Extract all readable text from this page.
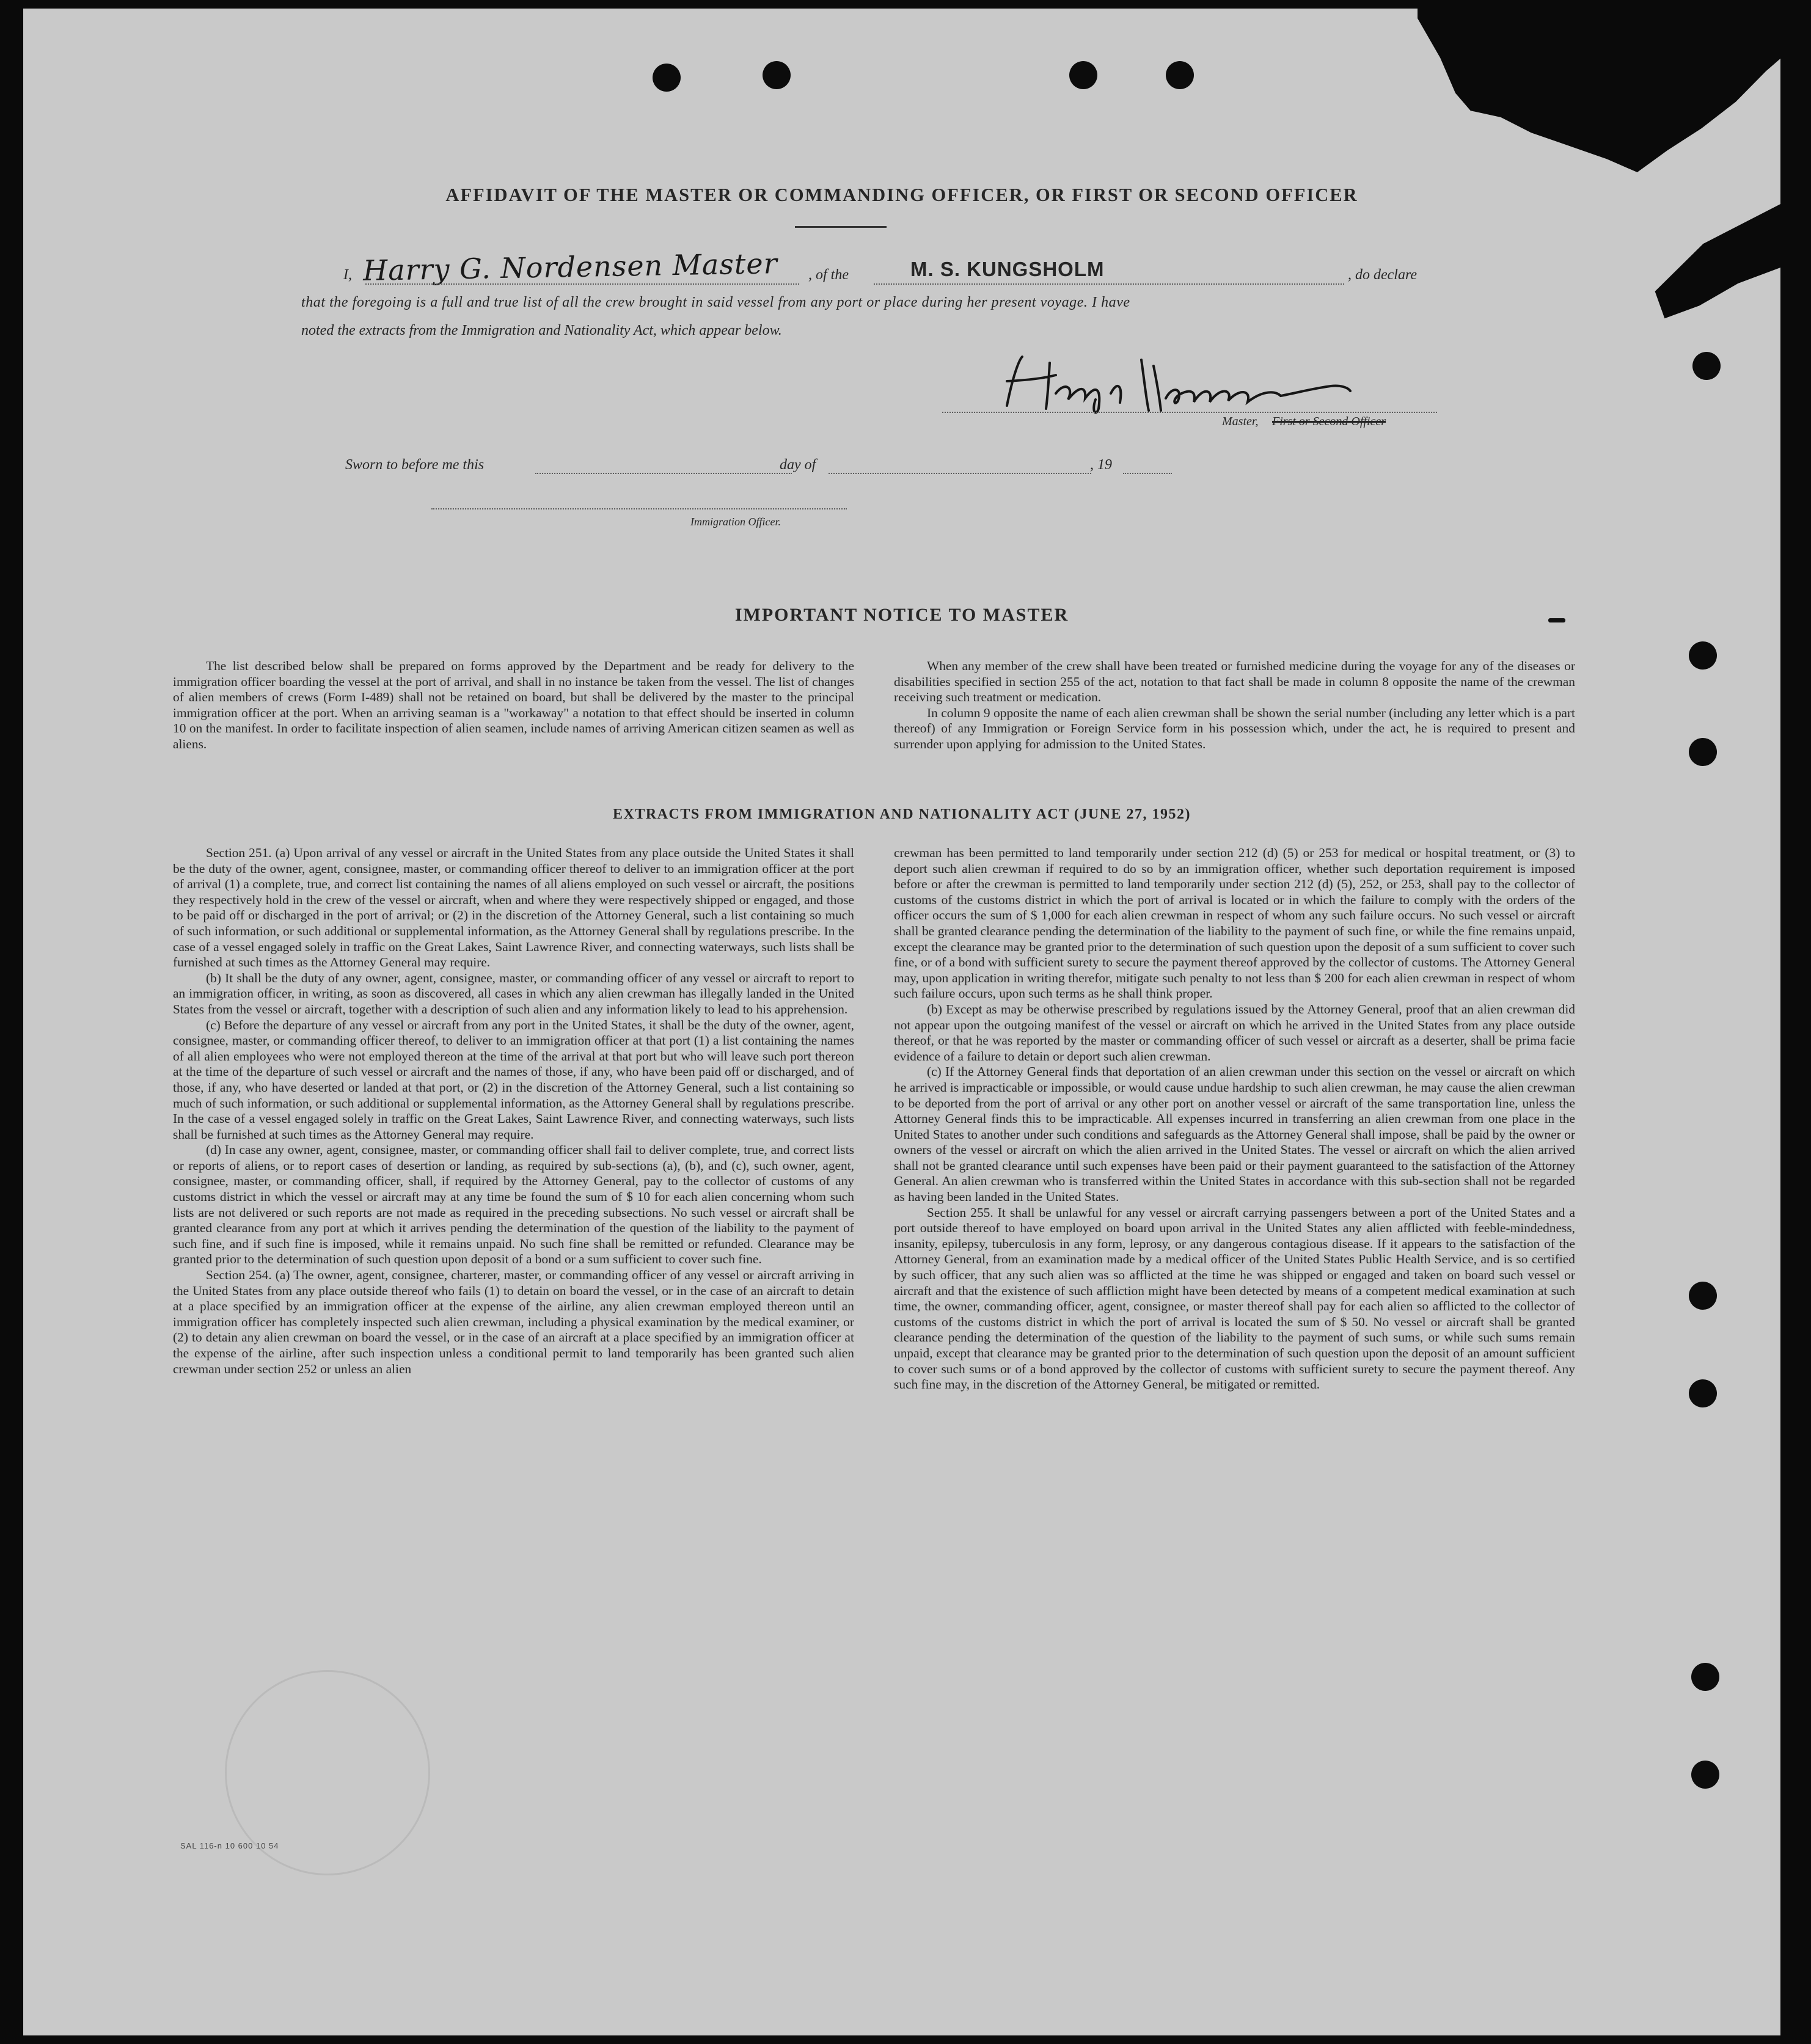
AFFIDAVIT OF THE MASTER OR COMMANDING OFFICER, OR FIRST OR SECOND OFFICER
I, Harry G. Nordensen Master , of the	M. S. KUNGSHOLM	, do declare
that the foregoing is a full and true list of all the crew brought in said vessel from any port or place during her present voyage. I have
noted the extracts from the Immigration and Nationality Act, which appear below.
Master, First or Second Officer
Sworn to before me this	day of	, 19
Immigration Officer.
IMPORTANT NOTICE TO MASTER

The list described below shall be prepared on forms approved by the Department and be ready for delivery to the immigration officer boarding the vessel at the port of arrival, and shall in no instance be taken from the vessel. The list of changes of alien members of crews (Form I-489) shall not be retained on board, but shall be delivered by the master to the principal immigration officer at the port. When an arriving seaman is a "workaway" a notation to that effect should be inserted in column 10 on the manifest. In order to facilitate inspection of alien seamen, include names of arriving American citizen seamen as well as aliens.

When any member of the crew shall have been treated or furnished medicine during the voyage for any of the diseases or disabilities specified in section 255 of the act, notation to that fact shall be made in column 8 opposite the name of the crewman receiving such treatment or medication.

In column 9 opposite the name of each alien crewman shall be shown the serial number (including any letter which is a part thereof) of any Immigration or Foreign Service form in his possession which, under the act, he is required to present and surrender upon applying for admission to the United States.

EXTRACTS FROM IMMIGRATION AND NATIONALITY ACT (JUNE 27, 1952)

Section 251. (a) Upon arrival of any vessel or aircraft in the United States from any place outside the United States it shall be the duty of the owner, agent, consignee, master, or commanding officer thereof to deliver to an immigration officer at the port of arrival (1) a complete, true, and correct list containing the names of all aliens employed on such vessel or aircraft, the positions they respectively hold in the crew of the vessel or aircraft, when and where they were respectively shipped or engaged, and those to be paid off or discharged in the port of arrival; or (2) in the discretion of the Attorney General, such a list containing so much of such information, or such additional or supplemental information, as the Attorney General shall by regulations prescribe. In the case of a vessel engaged solely in traffic on the Great Lakes, Saint Lawrence River, and connecting waterways, such lists shall be furnished at such times as the Attorney General may require.

(b) It shall be the duty of any owner, agent, consignee, master, or commanding officer of any vessel or aircraft to report to an immigration officer, in writing, as soon as discovered, all cases in which any alien crewman has illegally landed in the United States from the vessel or aircraft, together with a description of such alien and any information likely to lead to his apprehension.

(c) Before the departure of any vessel or aircraft from any port in the United States, it shall be the duty of the owner, agent, consignee, master, or commanding officer thereof, to deliver to an immigration officer at that port (1) a list containing the names of all alien employees who were not employed thereon at the time of the arrival at that port but who will leave such port thereon at the time of the departure of such vessel or aircraft and the names of those, if any, who have been paid off or discharged, and of those, if any, who have deserted or landed at that port, or (2) in the discretion of the Attorney General, such a list containing so much of such information, or such additional or supplemental information, as the Attorney General shall by regulations prescribe. In the case of a vessel engaged solely in traffic on the Great Lakes, Saint Lawrence River, and connecting waterways, such lists shall be furnished at such times as the Attorney General may require.

(d) In case any owner, agent, consignee, master, or commanding officer shall fail to deliver complete, true, and correct lists or reports of aliens, or to report cases of desertion or landing, as required by sub-sections (a), (b), and (c), such owner, agent, consignee, master, or commanding officer, shall, if required by the Attorney General, pay to the collector of customs of any customs district in which the vessel or aircraft may at any time be found the sum of $ 10 for each alien concerning whom such lists are not delivered or such reports are not made as required in the preceding subsections. No such vessel or aircraft shall be granted clearance from any port at which it arrives pending the determination of the question of the liability to the payment of such fine, and if such fine is imposed, while it remains unpaid. No such fine shall be remitted or refunded. Clearance may be granted prior to the determination of such question upon deposit of a bond or a sum sufficient to cover such fine.

Section 254. (a) The owner, agent, consignee, charterer, master, or commanding officer of any vessel or aircraft arriving in the United States from any place outside thereof who fails (1) to detain on board the vessel, or in the case of an aircraft to detain at a place specified by an immigration officer at the expense of the airline, any alien crewman employed thereon until an immigration officer has completely inspected such alien crewman, including a physical examination by the medical examiner, or (2) to detain any alien crewman on board the vessel, or in the case of an aircraft at a place specified by an immigration officer at the expense of the airline, after such inspection unless a conditional permit to land temporarily has been granted such alien crewman under section 252 or unless an alien

crewman has been permitted to land temporarily under section 212 (d) (5) or 253 for medical or hospital treatment, or (3) to deport such alien crewman if required to do so by an immigration officer, whether such deportation requirement is imposed before or after the crewman is permitted to land temporarily under section 212 (d) (5), 252, or 253, shall pay to the collector of customs of the customs district in which the port of arrival is located or in which the failure to comply with the orders of the officer occurs the sum of $ 1,000 for each alien crewman in respect of whom any such failure occurs. No such vessel or aircraft shall be granted clearance pending the determination of the liability to the payment of such fine, or while the fine remains unpaid, except the clearance may be granted prior to the determination of such question upon the deposit of a sum sufficient to cover such fine, or of a bond with sufficient surety to secure the payment thereof approved by the collector of customs. The Attorney General may, upon application in writing therefor, mitigate such penalty to not less than $ 200 for each alien crewman in respect of whom such failure occurs, upon such terms as he shall think proper.

(b) Except as may be otherwise prescribed by regulations issued by the Attorney General, proof that an alien crewman did not appear upon the outgoing manifest of the vessel or aircraft on which he arrived in the United States from any place outside thereof, or that he was reported by the master or commanding officer of such vessel or aircraft as a deserter, shall be prima facie evidence of a failure to detain or deport such alien crewman.

(c) If the Attorney General finds that deportation of an alien crewman under this section on the vessel or aircraft on which he arrived is impracticable or impossible, or would cause undue hardship to such alien crewman, he may cause the alien crewman to be deported from the port of arrival or any other port on another vessel or aircraft of the same transportation line, unless the Attorney General finds this to be impracticable. All expenses incurred in transferring an alien crewman from one place in the United States to another under such conditions and safeguards as the Attorney General shall impose, shall be paid by the owner or owners of the vessel or aircraft on which the alien arrived in the United States. The vessel or aircraft on which the alien arrived shall not be granted clearance until such expenses have been paid or their payment guaranteed to the satisfaction of the Attorney General. An alien crewman who is transferred within the United States in accordance with this sub-section shall not be regarded as having been landed in the United States.

Section 255. It shall be unlawful for any vessel or aircraft carrying passengers between a port of the United States and a port outside thereof to have employed on board upon arrival in the United States any alien afflicted with feeble-mindedness, insanity, epilepsy, tuberculosis in any form, leprosy, or any dangerous contagious disease. If it appears to the satisfaction of the Attorney General, from an examination made by a medical officer of the United States Public Health Service, and is so certified by such officer, that any such alien was so afflicted at the time he was shipped or engaged and taken on board such vessel or aircraft and that the existence of such affliction might have been detected by means of a competent medical examination at such time, the owner, commanding officer, agent, consignee, or master thereof shall pay for each alien so afflicted to the collector of customs of the customs district in which the port of arrival is located the sum of $ 50. No vessel or aircraft shall be granted clearance pending the determination of the question of the liability to the payment of such sums, or while such sums remain unpaid, except that clearance may be granted prior to the determination of such question upon the deposit of an amount sufficient to cover such sums or of a bond approved by the collector of customs with sufficient surety to secure the payment thereof. Any such fine may, in the discretion of the Attorney General, be mitigated or remitted.

SAL 116-n 10 600 10 54
